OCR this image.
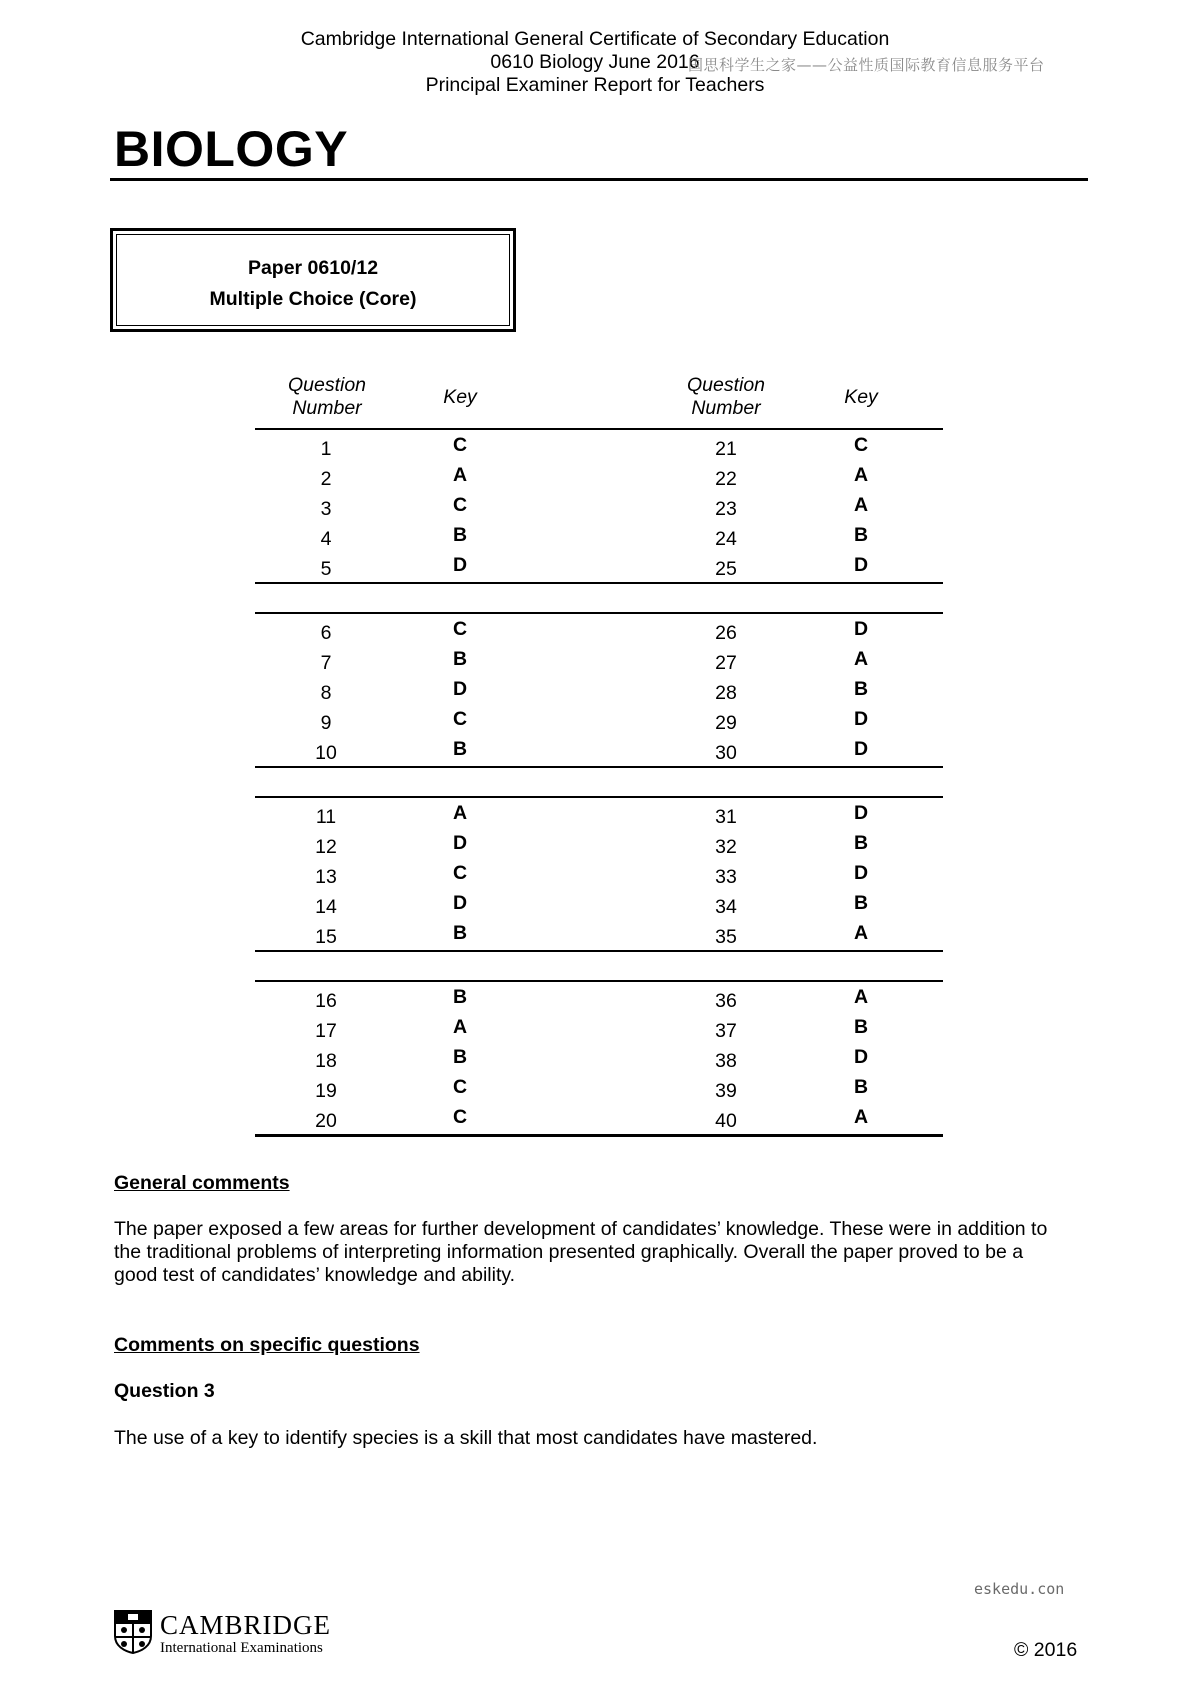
Cambridge International General Certificate of Secondary Education
0610 Biology June 2016
Principal Examiner Report for Teachers
国思科学生之家——公益性质国际教育信息服务平台
BIOLOGY
Paper 0610/12
Multiple Choice (Core)
Question Number	Key
Question Number	Key
1	C	21	C
2	A	22	A
3	C	23	A
4	B	24	B
5	D	25	D
6	C	26	D
7	B	27	A
8	D	28	B
9	C	29	D
10	B	30	D
11	A	31	D
12	D	32	B
13	C	33	D
14	D	34	B
15	B	35	A
16	B	36	A
17	A	37	B
18	B	38	D
19	C	39	B
20	C	40	A
General comments
The paper exposed a few areas for further development of candidates’ knowledge. These were in addition to
the traditional problems of interpreting information presented graphically. Overall the paper proved to be a
good test of candidates’ knowledge and ability.
Comments on specific questions
Question 3
The use of a key to identify species is a skill that most candidates have mastered.
eskedu.con
CAMBRIDGE
International Examinations	© 2016
